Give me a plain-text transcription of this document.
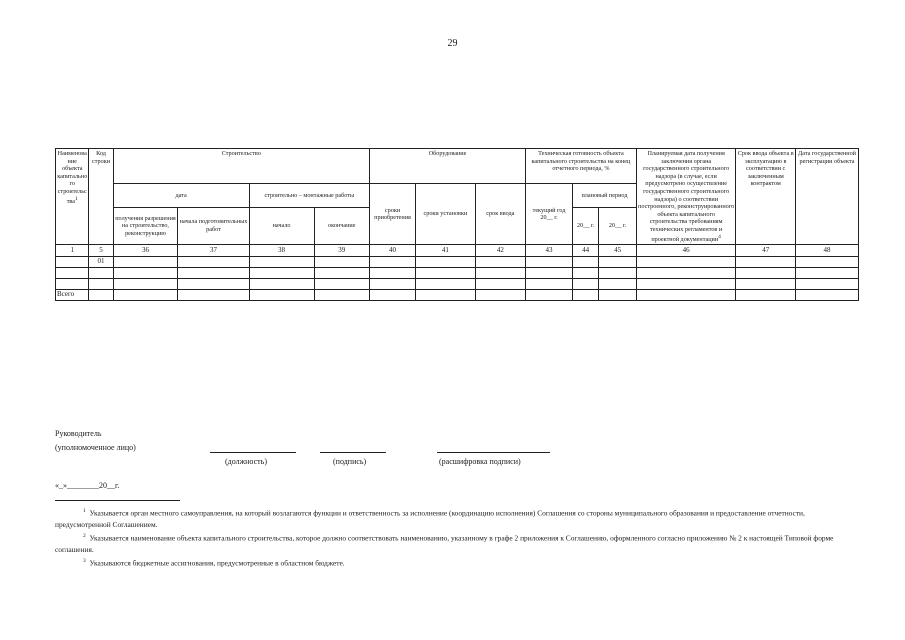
29
Наименование объекта капитального строительства1	Код строки	Строительство				Оборудование			Техническая готовность объекта капитального строительства на конец отчетного периода, %			Планируемая дата получения заключения органа государственного строительного надзора (в случае, если предусмотрено осуществление государственного строительного надзора) о соответствии построенного, реконструированного объекта капитального строительства требованиям технических регламентов и проектной документации4	Срок ввода объекта в эксплуатацию в соответствии с заключенным контрактом	Дата государственной регистрации объекта
		дата		строительно – монтажные работы		сроки приобретения	сроки установки	срок ввода	текущий год 20__ г.	плановый период				
		получения разрешения на строительство, реконструкцию	начала подготовительных работ	начало	окончание					20__ г.	20__ г.			

1	5	36	37	38	39	40	41	42	43	44	45	46	47	48
	01													

Всего														
Руководитель
(уполномоченное лицо)
(должность)	(подпись)	(расшифровка подписи)
«_»________20__г.
$^1$ Указывается орган местного самоуправления, на который возлагаются функции и ответственность за исполнение (координацию исполнения) Соглашения со стороны муниципального образования и предоставление отчетности, предусмотренной Соглашением.
$^2$ Указывается наименование объекта капитального строительства, которое должно соответствовать наименованию, указанному в графе 2 приложения к Соглашению, оформленного согласно приложению № 2 к настоящей Типовой форме соглашения.
$^3$ Указываются бюджетные ассигнования, предусмотренные в областном бюджете.
